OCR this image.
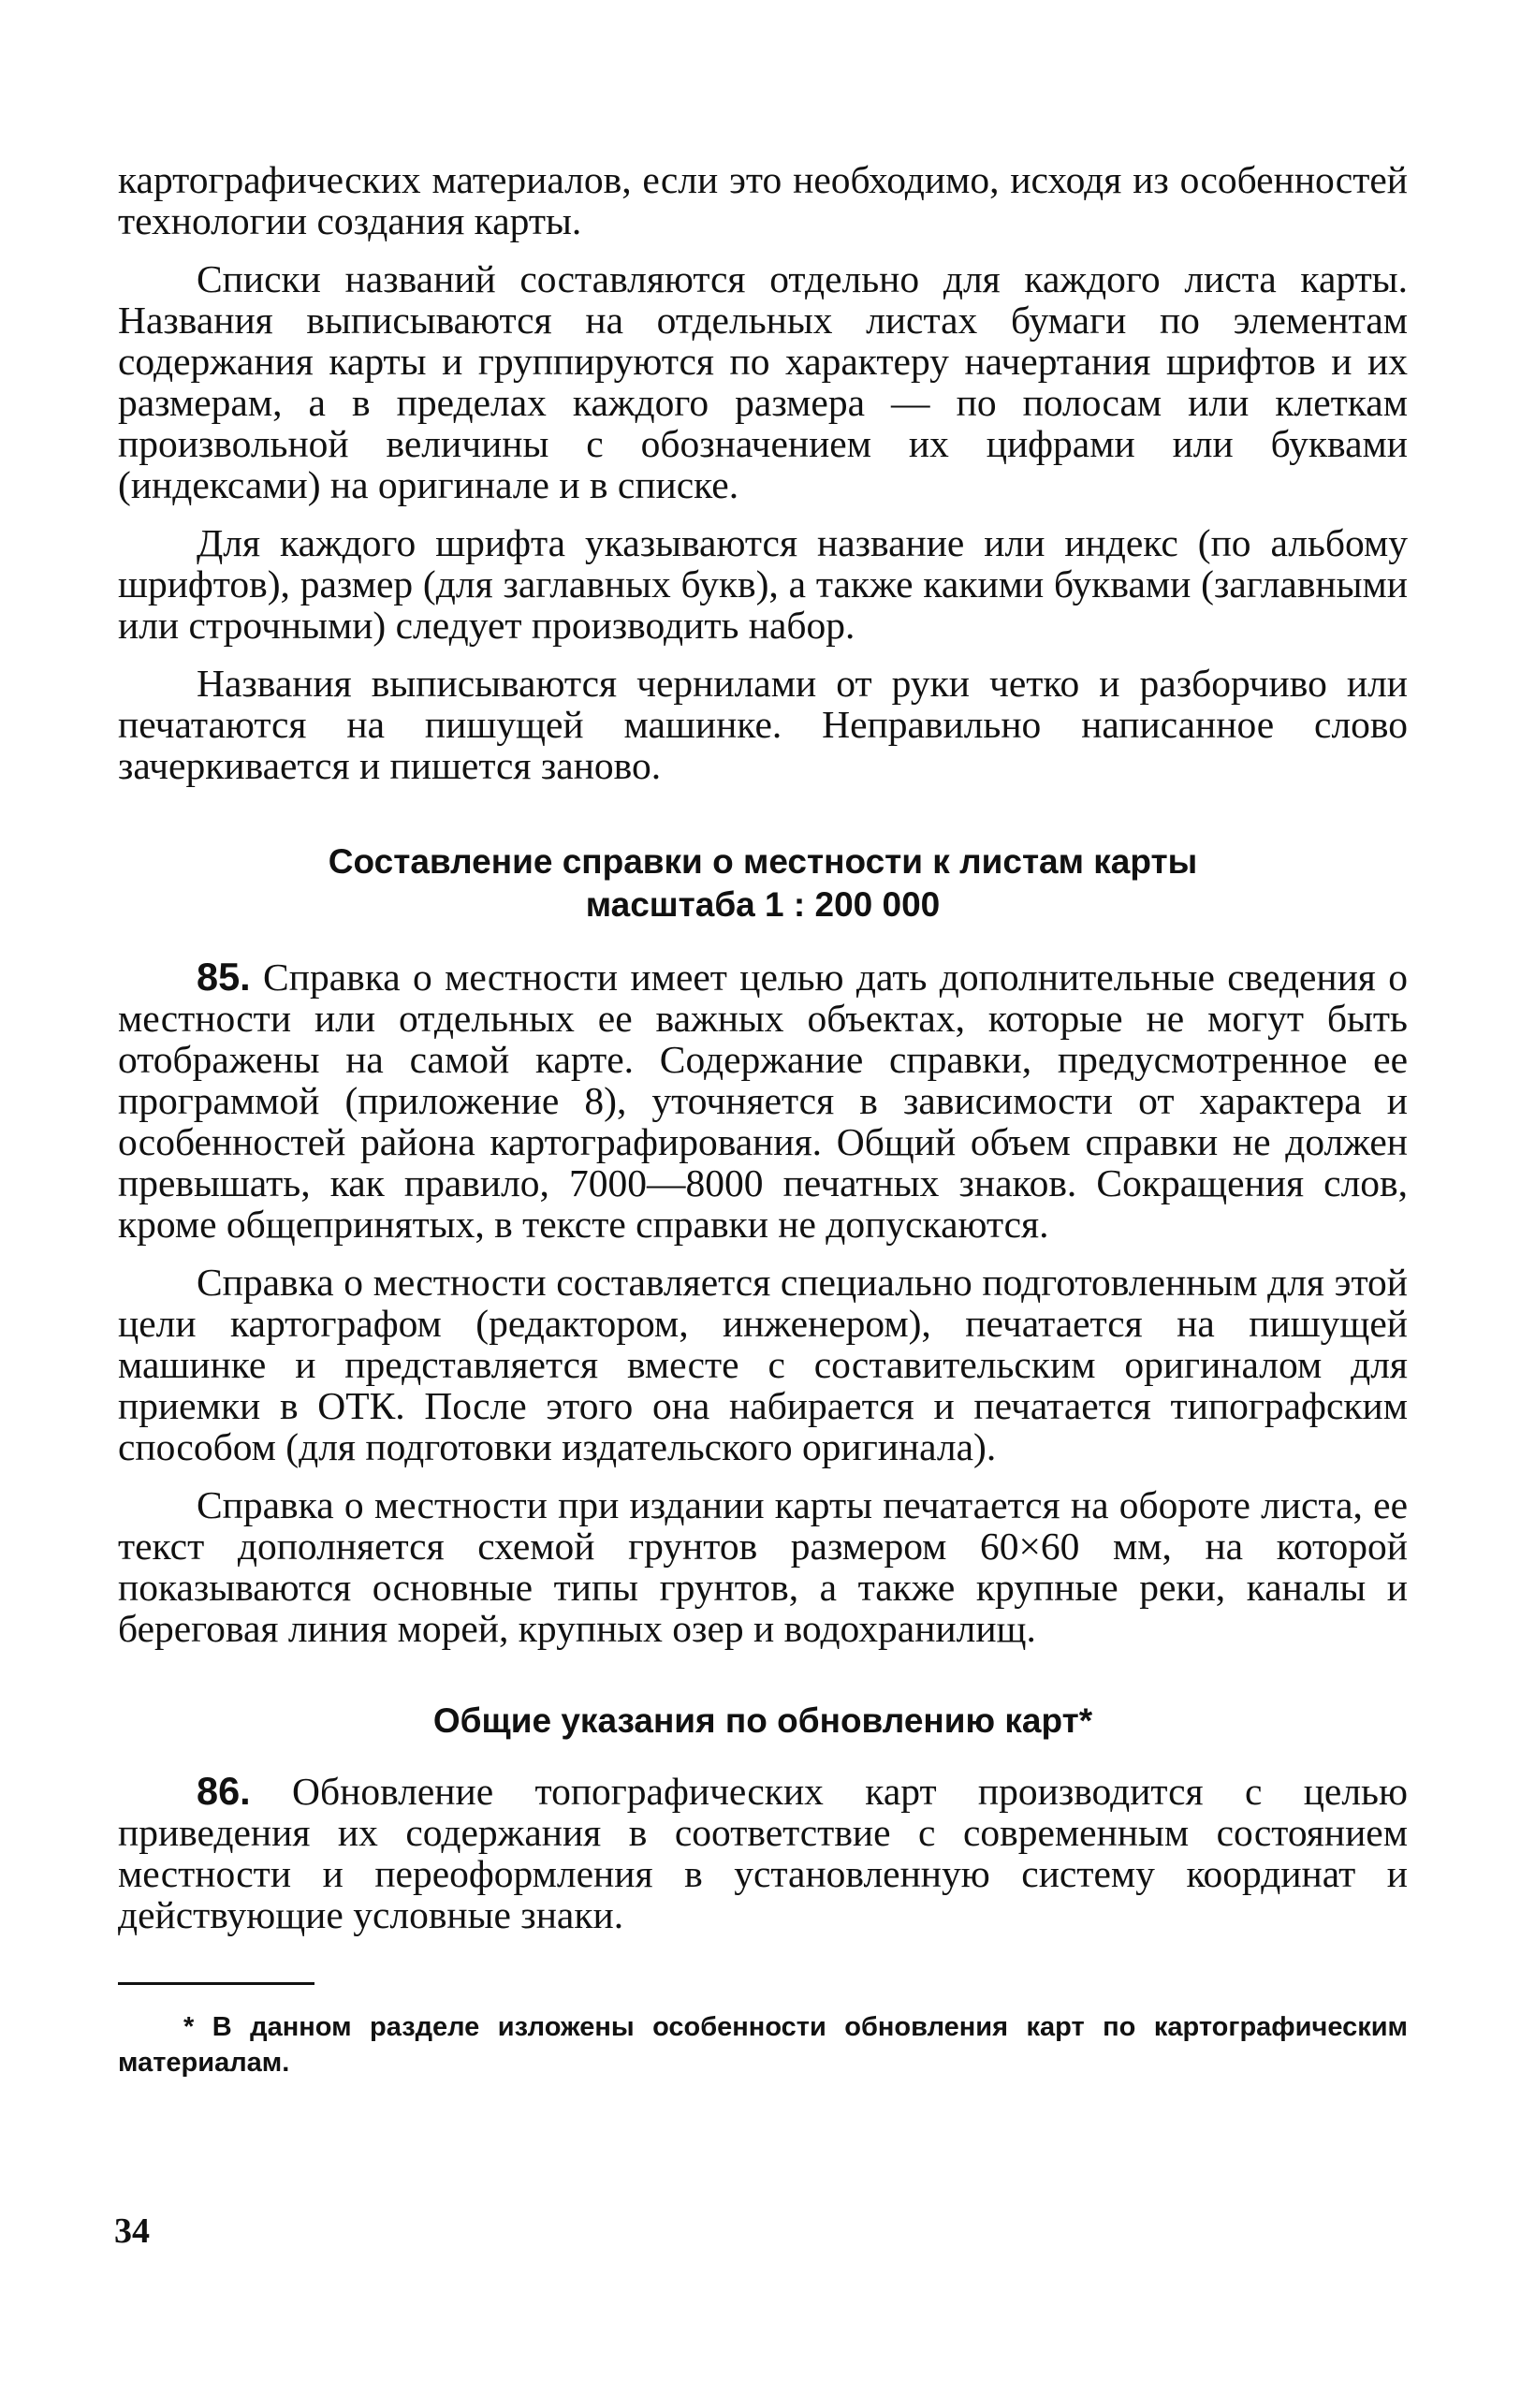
картографических материалов, если это необходимо, исходя из особенностей технологии создания карты.

Списки названий составляются отдельно для каждого листа карты. Названия выписываются на отдельных листах бумаги по элементам содержания карты и группируются по характеру начертания шрифтов и их размерам, а в пределах каждого размера — по полосам или клеткам произвольной величины с обозначением их цифрами или буквами (индексами) на оригинале и в списке.

Для каждого шрифта указываются название или индекс (по альбому шрифтов), размер (для заглавных букв), а также какими буквами (заглавными или строчными) следует производить набор.

Названия выписываются чернилами от руки четко и разборчиво или печатаются на пишущей машинке. Неправильно написанное слово зачеркивается и пишется заново.

Составление справки о местности к листам карты

масштаба 1 : 200 000

85. Справка о местности имеет целью дать дополнительные сведения о местности или отдельных ее важных объектах, которые не могут быть отображены на самой карте. Содержание справки, предусмотренное ее программой (приложение 8), уточняется в зависимости от характера и особенностей района картографирования. Общий объем справки не должен превышать, как правило, 7000—8000 печатных знаков. Сокращения слов, кроме общепринятых, в тексте справки не допускаются.

Справка о местности составляется специально подготовленным для этой цели картографом (редактором, инженером), печатается на пишущей машинке и представляется вместе с составительским оригиналом для приемки в ОТК. После этого она набирается и печатается типографским способом (для подготовки издательского оригинала).

Справка о местности при издании карты печатается на обороте листа, ее текст дополняется схемой грунтов размером 60×60 мм, на которой показываются основные типы грунтов, а также крупные реки, каналы и береговая линия морей, крупных озер и водохранилищ.

Общие указания по обновлению карт*

86. Обновление топографических карт производится с целью приведения их содержания в соответствие с современным состоянием местности и переоформления в установленную систему координат и действующие условные знаки.

* В данном разделе изложены особенности обновления карт по картографическим материалам.

34
